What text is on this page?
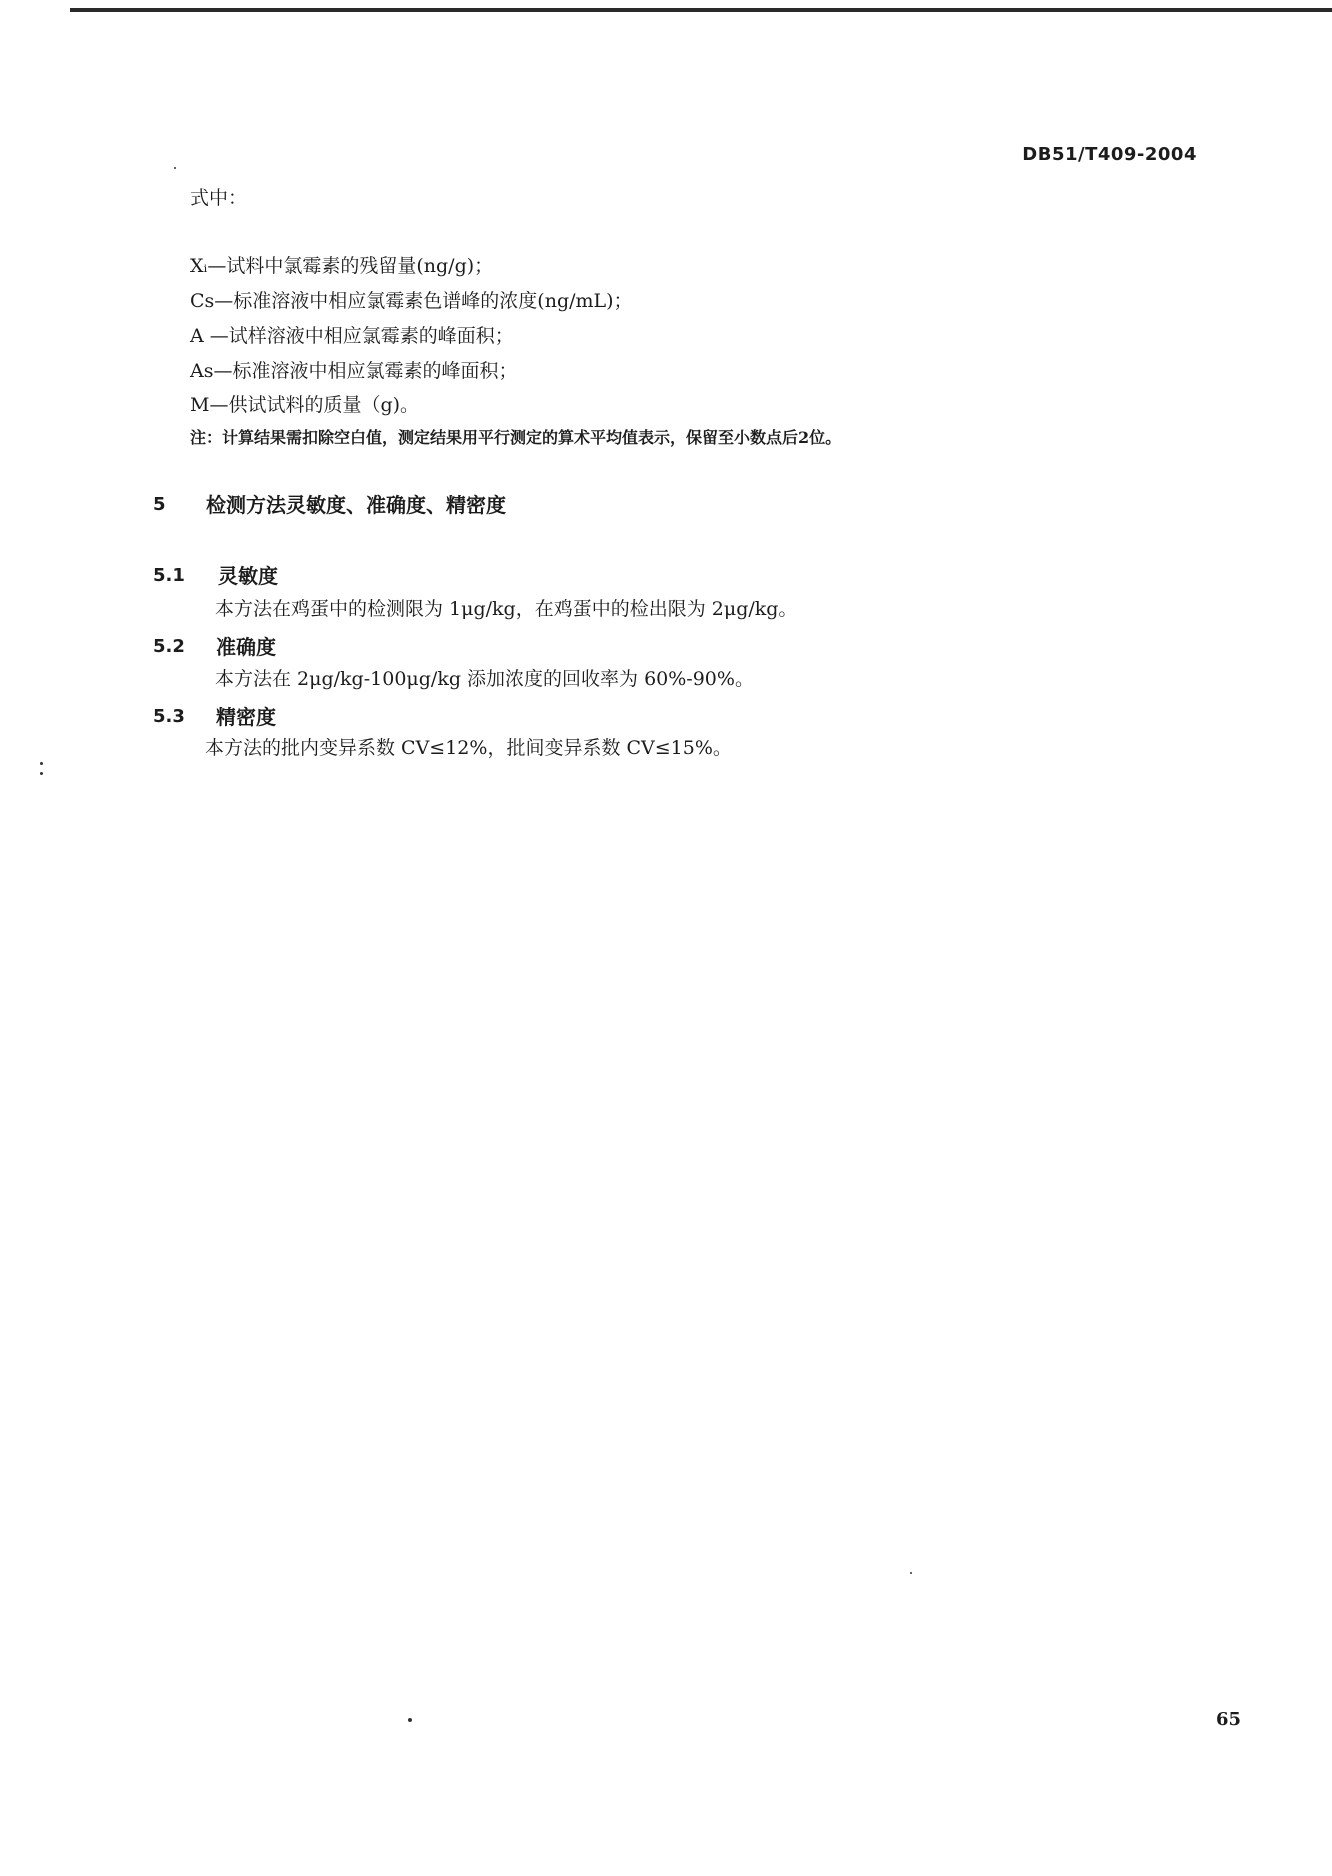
DB51/T409-2004
式中：
Xᵢ—试料中氯霉素的残留量(ng/g)；
Cs—标准溶液中相应氯霉素色谱峰的浓度(ng/mL)；
A —试样溶液中相应氯霉素的峰面积；
As—标准溶液中相应氯霉素的峰面积；
M—供试试料的质量（g)。
注：计算结果需扣除空白值，测定结果用平行测定的算术平均值表示，保留至小数点后2位。
5 检测方法灵敏度、准确度、精密度
5.1 灵敏度
本方法在鸡蛋中的检测限为 1μg/kg，在鸡蛋中的检出限为 2μg/kg。
5.2 准确度
本方法在 2μg/kg-100μg/kg 添加浓度的回收率为 60%-90%。
5.3 精密度
本方法的批内变异系数 CV≤12%，批间变异系数 CV≤15%。
65
